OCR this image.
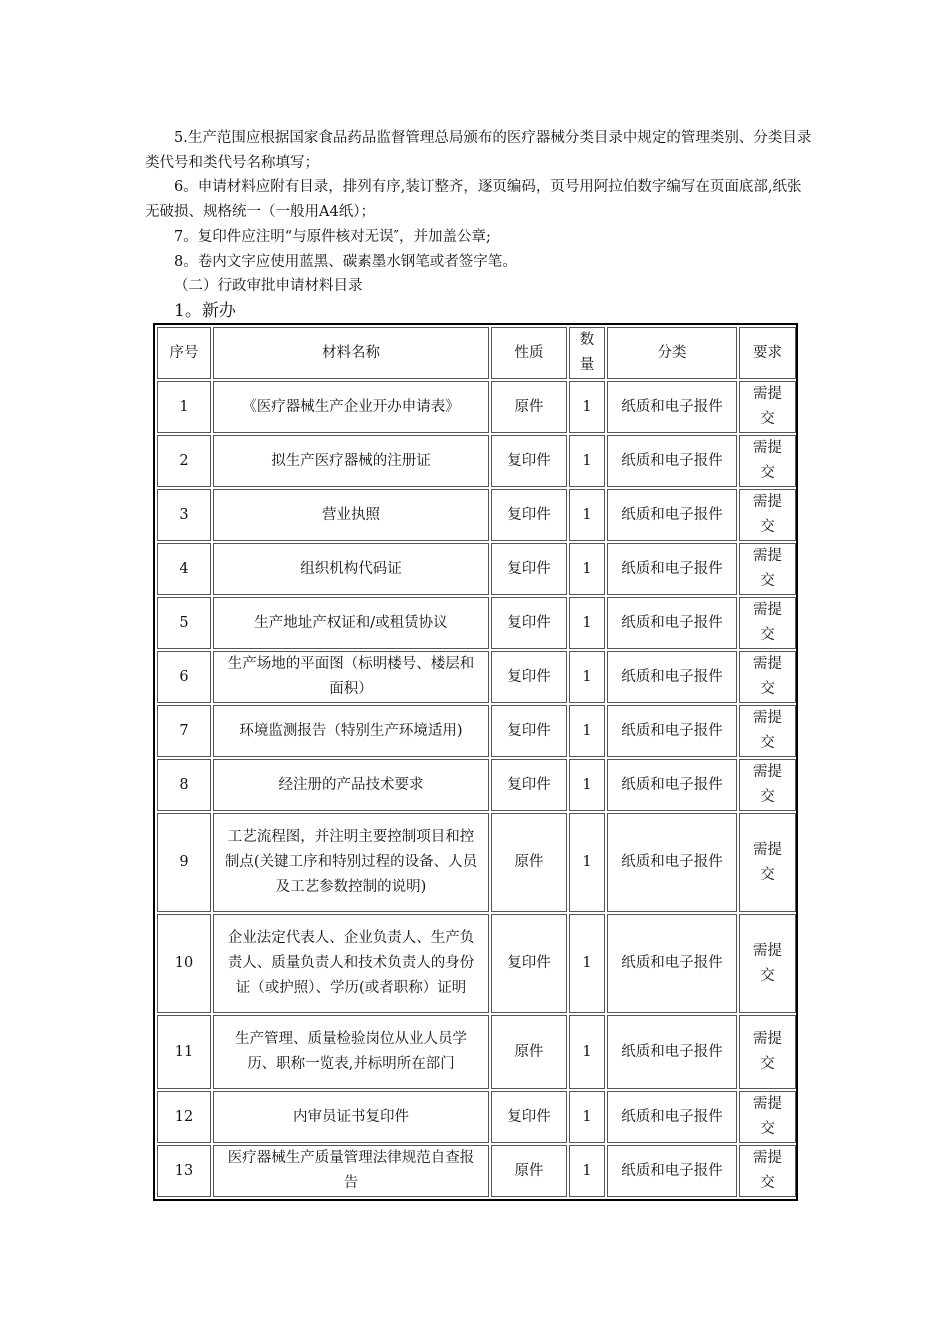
5.生产范围应根据国家食品药品监督管理总局颁布的医疗器械分类目录中规定的管理类别、分类目录类代号和类代号名称填写；

6。申请材料应附有目录，排列有序,装订整齐，逐页编码，页号用阿拉伯数字编写在页面底部,纸张无破损、规格统一（一般用A4纸）；

7。复印件应注明“与原件核对无误″，并加盖公章;

8。卷内文字应使用蓝黑、碳素墨水钢笔或者签字笔。

（二）行政审批申请材料目录

1。新办

序号	材料名称	性质	数量	分类	要求
1	《医疗器械生产企业开办申请表》	原件	1	纸质和电子报件	需提交
2	拟生产医疗器械的注册证	复印件	1	纸质和电子报件	需提交
3	营业执照	复印件	1	纸质和电子报件	需提交
4	组织机构代码证	复印件	1	纸质和电子报件	需提交
5	生产地址产权证和/或租赁协议	复印件	1	纸质和电子报件	需提交
6	生产场地的平面图（标明楼号、楼层和面积）	复印件	1	纸质和电子报件	需提交
7	环境监测报告（特别生产环境适用)	复印件	1	纸质和电子报件	需提交
8	经注册的产品技术要求	复印件	1	纸质和电子报件	需提交
9	工艺流程图，并注明主要控制项目和控制点(关键工序和特别过程的设备、人员及工艺参数控制的说明)	原件	1	纸质和电子报件	需提交
10	企业法定代表人、企业负责人、生产负责人、质量负责人和技术负责人的身份证（或护照）、学历(或者职称）证明	复印件	1	纸质和电子报件	需提交
11	生产管理、质量检验岗位从业人员学历、职称一览表,并标明所在部门	原件	1	纸质和电子报件	需提交
12	内审员证书复印件	复印件	1	纸质和电子报件	需提交
13	医疗器械生产质量管理法律规范自查报告	原件	1	纸质和电子报件	需提交
